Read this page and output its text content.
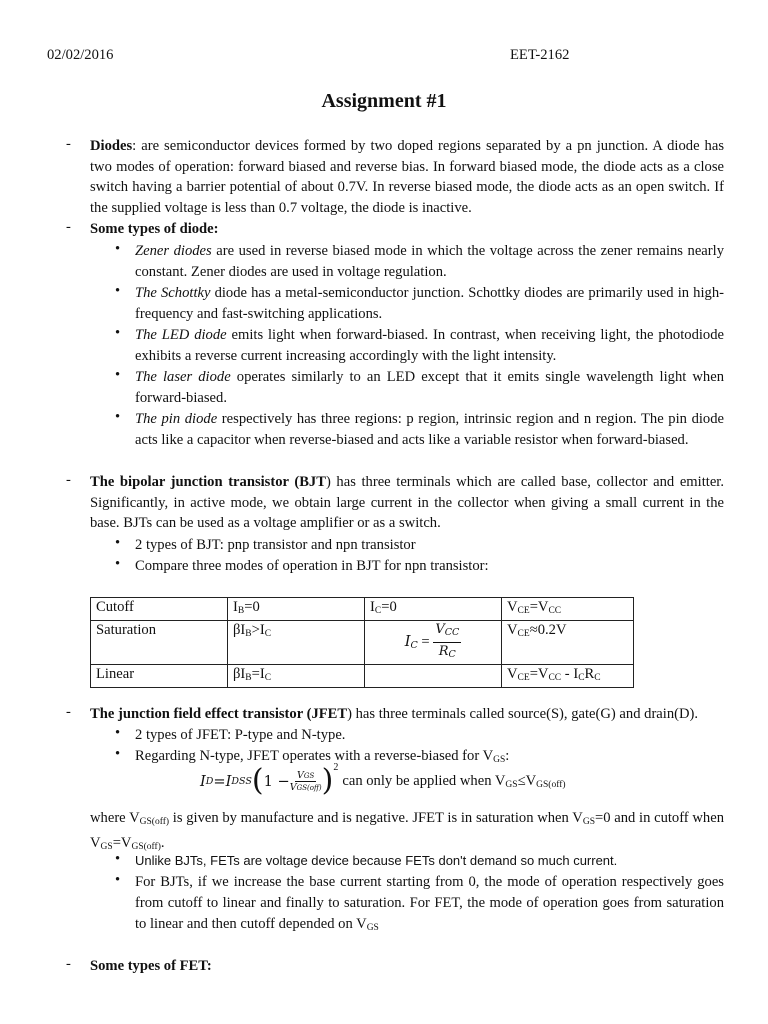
02/02/2016	EET-2162
Assignment #1
- Diodes: are semiconductor devices formed by two doped regions separated by a pn junction. A diode has two modes of operation: forward biased and reverse bias. In forward biased mode, the diode acts as a close switch having a barrier potential of about 0.7V. In reverse biased mode, the diode acts as an open switch. If the supplied voltage is less than 0.7 voltage, the diode is inactive.
- Some types of diode:
• Zener diodes are used in reverse biased mode in which the voltage across the zener remains nearly constant. Zener diodes are used in voltage regulation.
• The Schottky diode has a metal-semiconductor junction. Schottky diodes are primarily used in high-frequency and fast-switching applications.
• The LED diode emits light when forward-biased. In contrast, when receiving light, the photodiode exhibits a reverse current increasing accordingly with the light intensity.
• The laser diode operates similarly to an LED except that it emits single wavelength light when forward-biased.
• The pin diode respectively has three regions: p region, intrinsic region and n region. The pin diode acts like a capacitor when reverse-biased and acts like a variable resistor when forward-biased.
- The bipolar junction transistor (BJT) has three terminals which are called base, collector and emitter. Significantly, in active mode, we obtain large current in the collector when giving a small current in the base. BJTs can be used as a voltage amplifier or as a switch.
• 2 types of BJT: pnp transistor and npn transistor
• Compare three modes of operation in BJT for npn transistor:
Cutoff	$I_B=0$	$I_C=0$	$V_{CE}=V_{CC}$
Saturation	$\beta I_B>I_C$	$I_C$ =
$V_{CC}$
$R_C$	$V_{CE}\approx 0.2V$
Linear	$\beta I_B=I_C$		$V_{CE}=V_{CC} - I_CR_C$
- The junction field effect transistor (JFET) has three terminals called source(S), gate(G) and drain(D).
• 2 types of JFET: P-type and N-type.
• Regarding N-type, JFET operates with a reverse-biased for $V_{GS}$:
I D = I DSS ( 1 − VGS
VGS(off) ) 2
can only be applied when $V_{GS}\le V_{GS(off)}$
where $V_{GS(off)}$ is given by manufacture and is negative. JFET is in saturation when $V_{GS}=0$ and in cutoff when $V_{GS}=V_{GS(off)}$.
• Unlike BJTs, FETs are voltage device because FETs don't demand so much current.
• For BJTs, if we increase the base current starting from 0, the mode of operation respectively goes from cutoff to linear and finally to saturation. For FET, the mode of operation goes from saturation to linear and then cutoff depended on $V_{GS}$
- Some types of FET:
